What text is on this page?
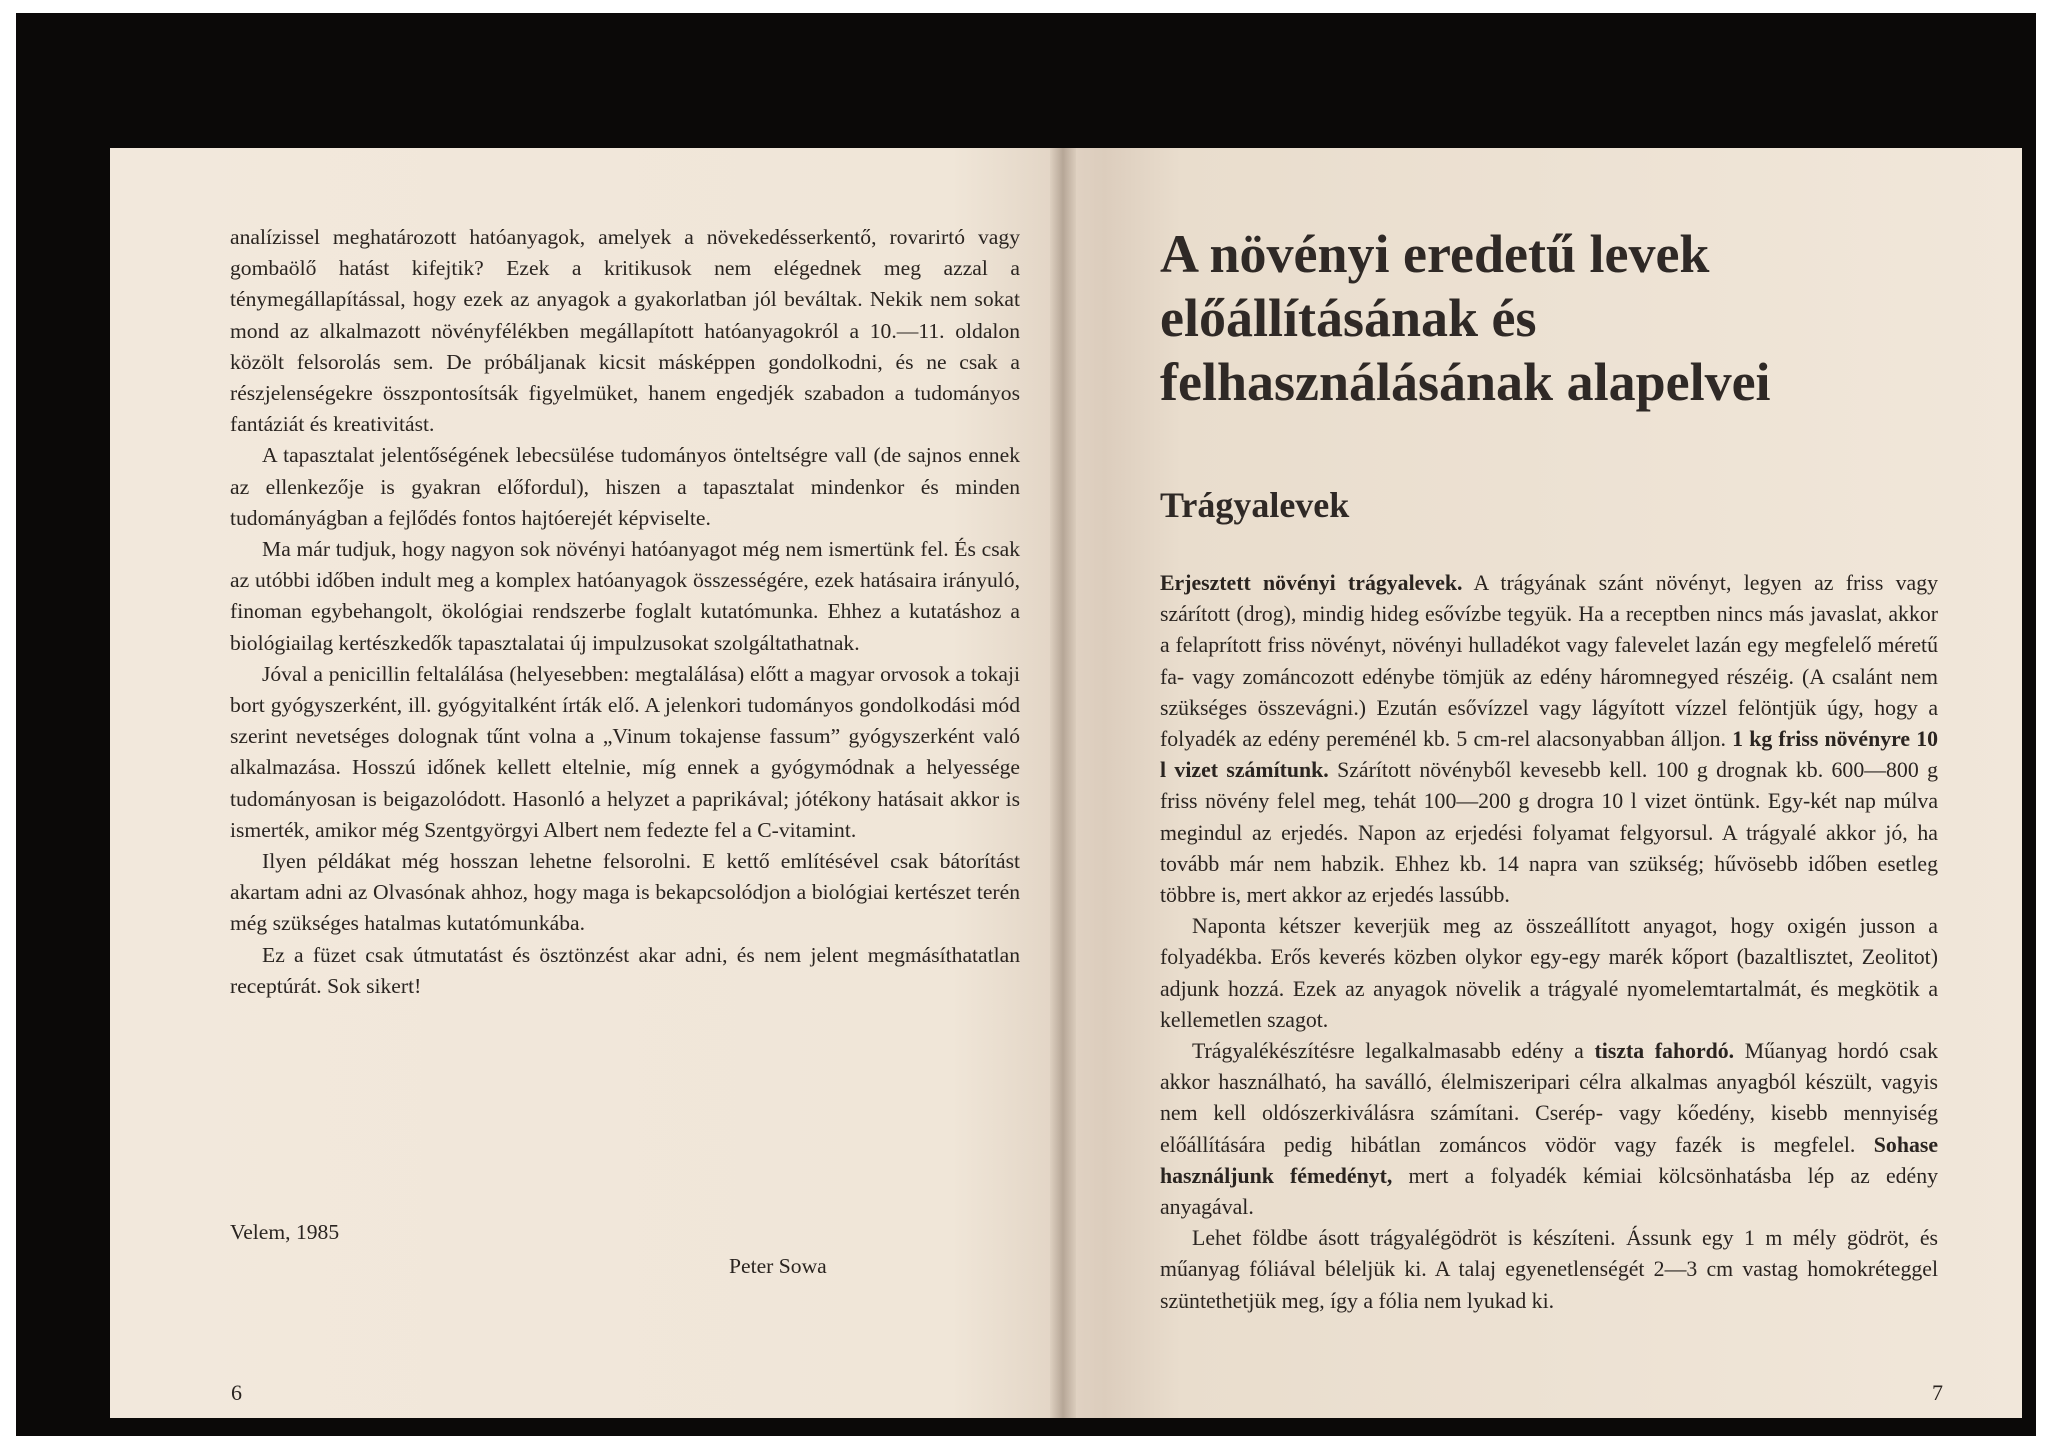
analízissel meghatározott hatóanyagok, amelyek a növekedésserkentő, rovarirtó vagy gombaölő hatást kifejtik? Ezek a kritikusok nem elégednek meg azzal a ténymegállapítással, hogy ezek az anyagok a gyakorlatban jól beváltak. Nekik nem sokat mond az alkalmazott növényfélékben megállapított hatóanyagokról a 10.—11. oldalon közölt felsorolás sem. De próbáljanak kicsit másképpen gondolkodni, és ne csak a részjelenségekre összpontosítsák figyelmüket, hanem engedjék szabadon a tudományos fantáziát és kreativitást.

A tapasztalat jelentőségének lebecsülése tudományos önteltségre vall (de sajnos ennek az ellenkezője is gyakran előfordul), hiszen a tapasztalat mindenkor és minden tudományágban a fejlődés fontos hajtóerejét képviselte.

Ma már tudjuk, hogy nagyon sok növényi hatóanyagot még nem ismertünk fel. És csak az utóbbi időben indult meg a komplex hatóanyagok összességére, ezek hatásaira irányuló, finoman egybehangolt, ökológiai rendszerbe foglalt kutatómunka. Ehhez a kutatáshoz a biológiailag kertészkedők tapasztalatai új impulzusokat szolgáltathatnak.

Jóval a penicillin feltalálása (helyesebben: megtalálása) előtt a magyar orvosok a tokaji bort gyógyszerként, ill. gyógyitalként írták elő. A jelenkori tudományos gondolkodási mód szerint nevetséges dolognak tűnt volna a „Vinum tokajense fassum” gyógyszerként való alkalmazása. Hosszú időnek kellett eltelnie, míg ennek a gyógymódnak a helyessége tudományosan is beigazolódott. Hasonló a helyzet a paprikával; jótékony hatásait akkor is ismerték, amikor még Szentgyörgyi Albert nem fedezte fel a C-vitamint.

Ilyen példákat még hosszan lehetne felsorolni. E kettő említésével csak bátorítást akartam adni az Olvasónak ahhoz, hogy maga is bekapcsolódjon a biológiai kertészet terén még szükséges hatalmas kutatómunkába.

Ez a füzet csak útmutatást és ösztönzést akar adni, és nem jelent megmásíthatatlan receptúrát. Sok sikert!

Velem, 1985
Peter Sowa
6
A növényi eredetű levek előállításának és felhasználásának alapelvei
Trágyalevek

Erjesztett növényi trágyalevek. A trágyának szánt növényt, legyen az friss vagy szárított (drog), mindig hideg esővízbe tegyük. Ha a receptben nincs más javaslat, akkor a felaprított friss növényt, növényi hulladékot vagy falevelet lazán egy megfelelő méretű fa- vagy zománcozott edénybe tömjük az edény háromnegyed részéig. (A csalánt nem szükséges összevágni.) Ezután esővízzel vagy lágyított vízzel felöntjük úgy, hogy a folyadék az edény pereménél kb. 5 cm-rel alacsonyabban álljon. 1 kg friss növényre 10 l vizet számítunk. Szárított növényből kevesebb kell. 100 g drognak kb. 600—800 g friss növény felel meg, tehát 100—200 g drogra 10 l vizet öntünk. Egy-két nap múlva megindul az erjedés. Napon az erjedési folyamat felgyorsul. A trágyalé akkor jó, ha tovább már nem habzik. Ehhez kb. 14 napra van szükség; hűvösebb időben esetleg többre is, mert akkor az erjedés lassúbb.

Naponta kétszer keverjük meg az összeállított anyagot, hogy oxigén jusson a folyadékba. Erős keverés közben olykor egy-egy marék kőport (bazaltlisztet, Zeolitot) adjunk hozzá. Ezek az anyagok növelik a trágyalé nyomelemtartalmát, és megkötik a kellemetlen szagot.

Trágyalékészítésre legalkalmasabb edény a tiszta fahordó. Műanyag hordó csak akkor használható, ha saválló, élelmiszeripari célra alkalmas anyagból készült, vagyis nem kell oldószerkiválásra számítani. Cserép- vagy kőedény, kisebb mennyiség előállítására pedig hibátlan zománcos vödör vagy fazék is megfelel. Sohase használjunk fémedényt, mert a folyadék kémiai kölcsönhatásba lép az edény anyagával.

Lehet földbe ásott trágyalégödröt is készíteni. Ássunk egy 1 m mély gödröt, és műanyag fóliával béleljük ki. A talaj egyenetlenségét 2—3 cm vastag homokréteggel szüntethetjük meg, így a fólia nem lyukad ki.

7
